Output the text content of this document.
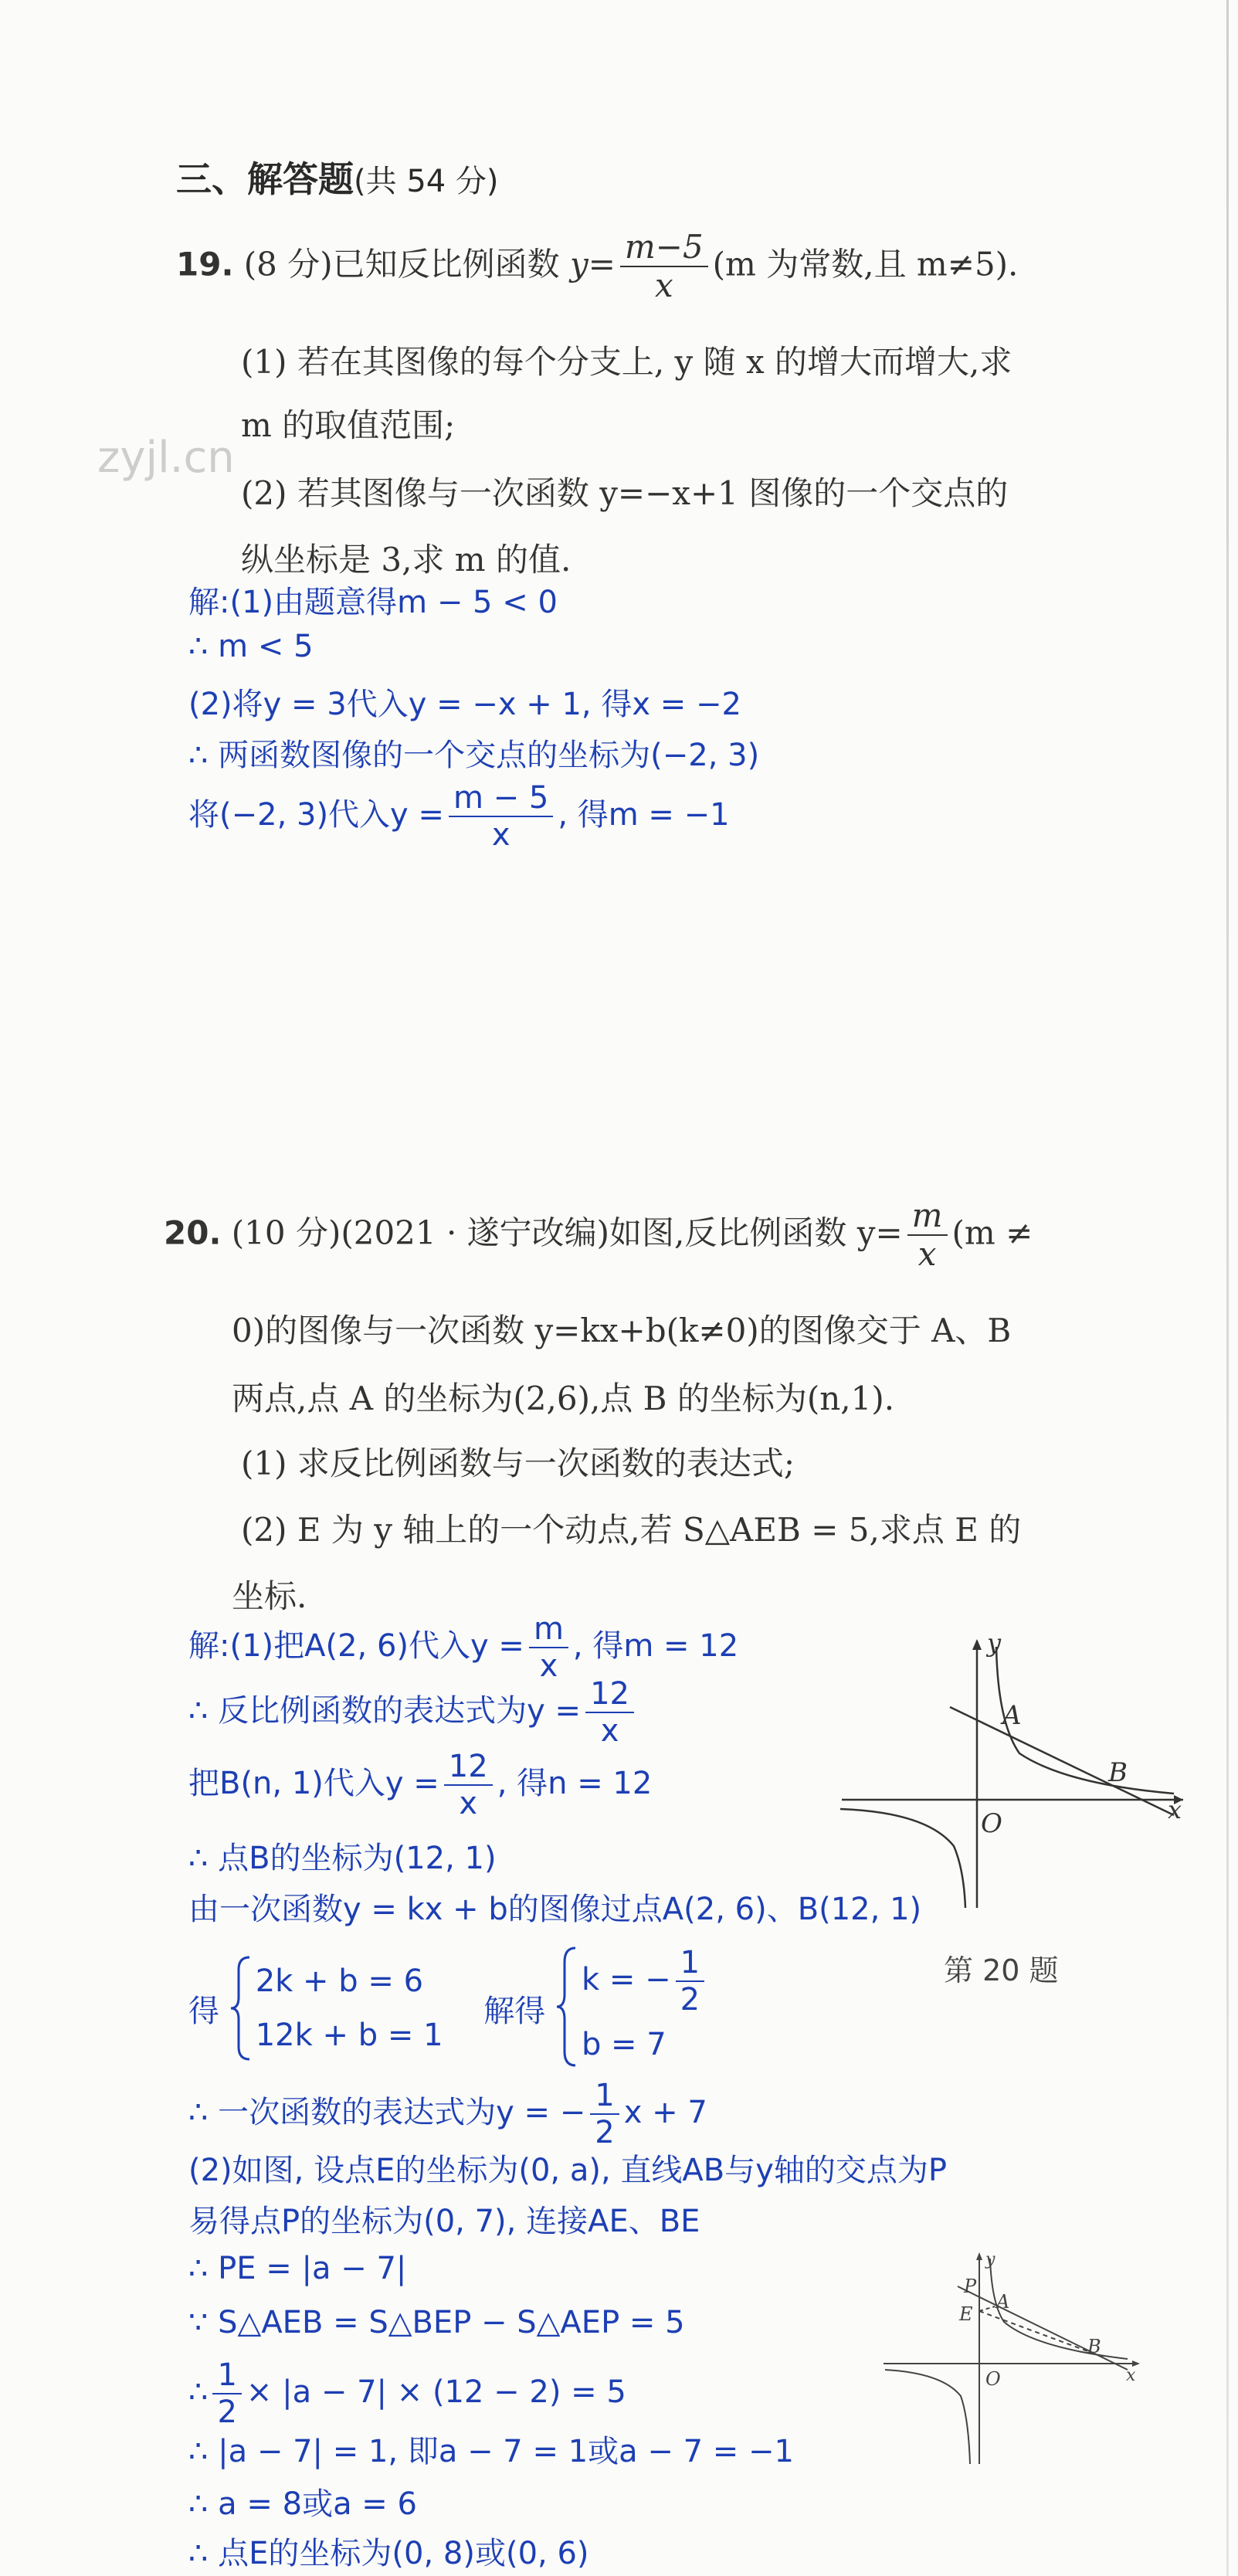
三、解答题(共 54 分)
19. (8 分)已知反比例函数 $y= \frac{m-5}{x} (m$ 为常数,且 m≠5).
(1) 若在其图像的每个分支上, y 随 x 的增大而增大,求
m 的取值范围;
zyjl.cn
(2) 若其图像与一次函数 y=−x+1 图像的一个交点的
纵坐标是 3,求 m 的值.
解:(1)由题意得m − 5 < 0
∴ m < 5
(2)将y = 3代入y = −x + 1, 得x = −2
∴ 两函数图像的一个交点的坐标为(−2, 3)
将(−2, 3)代入$y = \frac{m - 5}{x}$ , 得m = −1
20. (10 分)(2021 · 遂宁改编)如图,反比例函数 $y= \frac{m}{x} (m$ ≠
0)的图像与一次函数 y=kx+b(k≠0)的图像交于 A、B
两点,点 A 的坐标为(2,6),点 B 的坐标为(n,1).
(1) 求反比例函数与一次函数的表达式;
(2) E 为 y 轴上的一个动点,若 S△AEB = 5,求点 E 的
坐标.
解:(1)把A(2, 6)代入$y = \frac{m}{x}$ , 得m = 12
∴ 反比例函数的表达式为$y = \frac{12}{x}$
把B(n, 1)代入$y = \frac{12}{x}$ , 得n = 12
∴ 点B的坐标为(12, 1)
由一次函数y = kx + b的图像过点A(2, 6)、B(12, 1)
得
2k + b = 6
12k + b = 1
解得
k = − $\frac{1}{2}$
b = 7
∴ 一次函数的表达式为y = − $\frac{1}{2}$ x + 7
(2)如图, 设点E的坐标为(0, a), 直线AB与y轴的交点为P
易得点P的坐标为(0, 7), 连接AE、BE
∴ PE = |a − 7|
∵ S△AEB = S△BEP − S△AEP = 5
∴ $\frac{1}{2} \times |a - 7| \times (12 - 2) = 5$
∴ |a − 7| = 1, 即a − 7 = 1或a − 7 = −1
∴ a = 8或a = 6
∴ 点E的坐标为(0, 8)或(0, 6)
A
B
O
y
x
第 20 题
P
E
A
B
O
y
x
